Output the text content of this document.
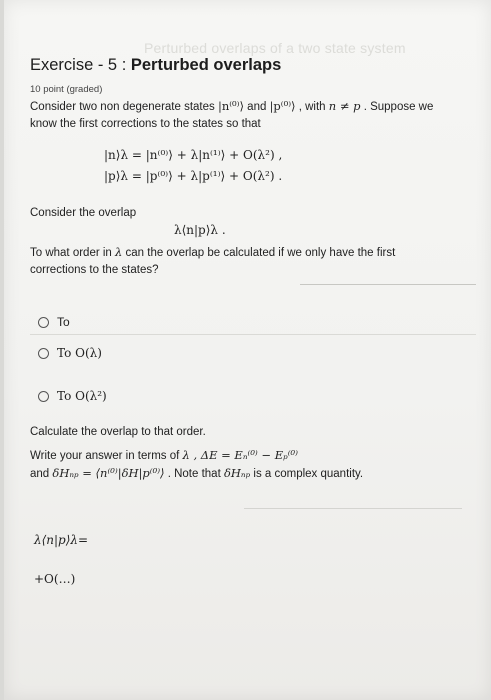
Perturbed overlaps of a two state system
Exercise - 5 : Perturbed overlaps
10 point (graded)
Consider two non degenerate states |n⁽⁰⁾⟩ and |p⁽⁰⁾⟩ , with n ≠ p . Suppose we
know the first corrections to the states so that
|n⟩λ = |n⁽⁰⁾⟩ + λ|n⁽¹⁾⟩ + O(λ²) ,
|p⟩λ = |p⁽⁰⁾⟩ + λ|p⁽¹⁾⟩ + O(λ²) .
Consider the overlap
λ⟨n|p⟩λ .
To what order in λ can the overlap be calculated if we only have the first
corrections to the states?
To
To O(λ)
To O(λ²)
Calculate the overlap to that order.
Write your answer in terms of λ , ΔE = Eₙ⁽⁰⁾ − Eₚ⁽⁰⁾
and δHₙₚ = ⟨n⁽⁰⁾|δH|p⁽⁰⁾⟩ . Note that δHₙₚ is a complex quantity.
λ⟨n|p⟩λ=
+O(…)
